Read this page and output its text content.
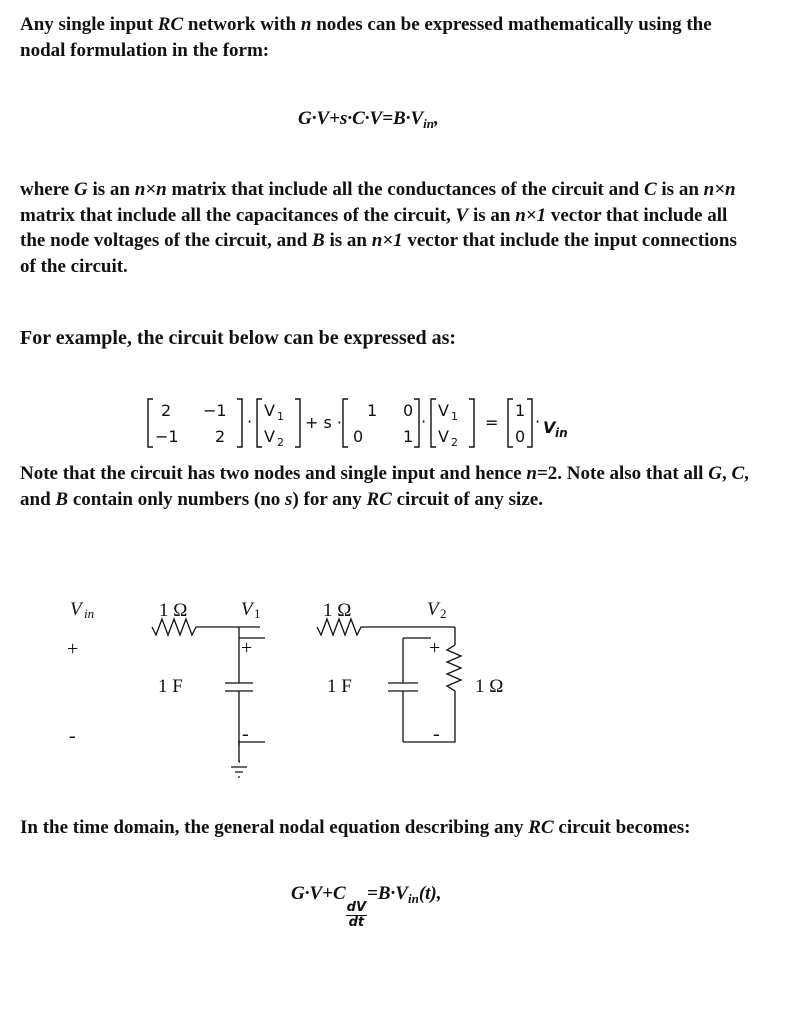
Any single input RC network with n nodes can be expressed mathematically using the nodal formulation in the form:
$G\cdot V+s\cdot C\cdot V=B\cdot V_{in}$,
where G is an n×n matrix that include all the conductances of the circuit and C is an n×n matrix that include all the capacitances of the circuit, V is an n×1 vector that include all the node voltages of the circuit, and B is an n×1 vector that include the input connections of the circuit.
For example, the circuit below can be expressed as:
2 −1
−1 2
·
V 1
V 2
+ s ·
1 0
0 1
·
V 1
V 2
=
1
0
· V in
Note that the circuit has two nodes and single input and hence n=2. Note also that all G, C, and B contain only numbers (no s) for any RC circuit of any size.
V in
+
-
1 Ω	V 1
+
-
1 F
1 Ω	V 2
+
-
1 F	1 Ω
In the time domain, the general nodal equation describing any RC circuit becomes:
G·V+C
$\frac{dV}{dt}$
$=B\cdot V_{in}(t)$,
